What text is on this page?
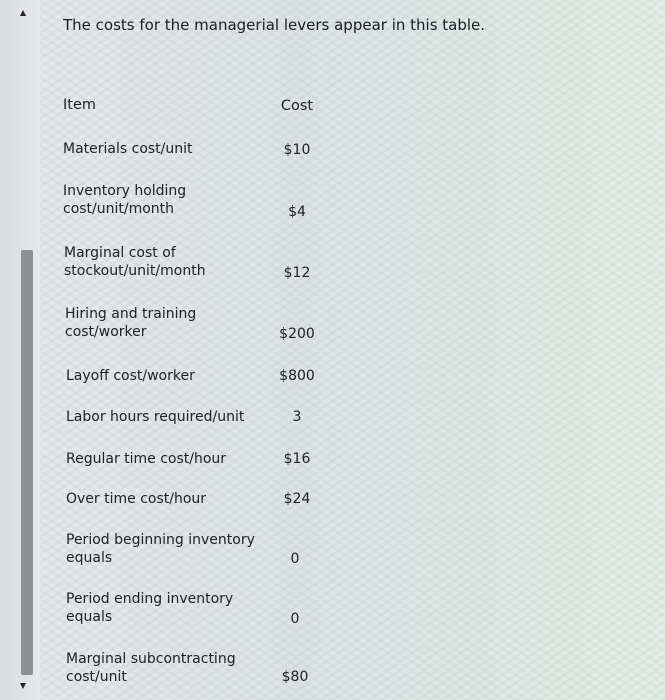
The costs for the managerial levers appear in this table.
Item	Cost
Materials cost/unit	$10
Inventory holding cost/unit/month	$4
Marginal cost of stockout/unit/month	$12
Hiring and training cost/worker	$200
Layoff cost/worker	$800
Labor hours required/unit	3
Regular time cost/hour	$16
Over time cost/hour	$24
Period beginning inventory equals	0
Period ending inventory equals	0
Marginal subcontracting cost/unit	$80
